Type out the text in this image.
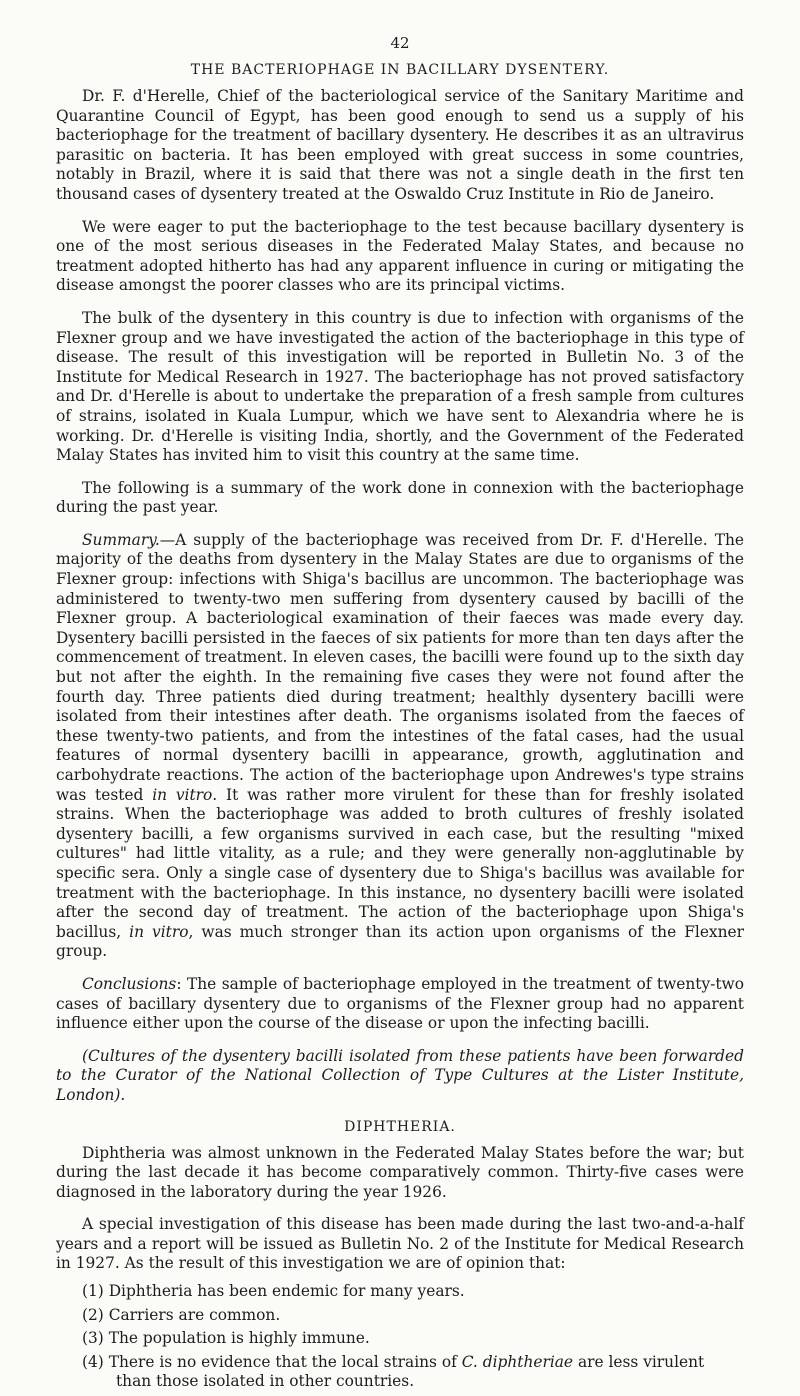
42
THE BACTERIOPHAGE IN BACILLARY DYSENTERY.

Dr. F. d'Herelle, Chief of the bacteriological service of the Sanitary Maritime and Quarantine Council of Egypt, has been good enough to send us a supply of his bacteriophage for the treatment of bacillary dysentery. He describes it as an ultravirus parasitic on bacteria. It has been employed with great success in some countries, notably in Brazil, where it is said that there was not a single death in the first ten thousand cases of dysentery treated at the Oswaldo Cruz Institute in Rio de Janeiro.

We were eager to put the bacteriophage to the test because bacillary dysentery is one of the most serious diseases in the Federated Malay States, and because no treatment adopted hitherto has had any apparent influence in curing or mitigating the disease amongst the poorer classes who are its principal victims.

The bulk of the dysentery in this country is due to infection with organisms of the Flexner group and we have investigated the action of the bacteriophage in this type of disease. The result of this investigation will be reported in Bulletin No. 3 of the Institute for Medical Research in 1927. The bacteriophage has not proved satisfactory and Dr. d'Herelle is about to undertake the preparation of a fresh sample from cultures of strains, isolated in Kuala Lumpur, which we have sent to Alexandria where he is working. Dr. d'Herelle is visiting India, shortly, and the Government of the Federated Malay States has invited him to visit this country at the same time.

The following is a summary of the work done in connexion with the bacteriophage during the past year.

Summary.—A supply of the bacteriophage was received from Dr. F. d'Herelle. The majority of the deaths from dysentery in the Malay States are due to organisms of the Flexner group: infections with Shiga's bacillus are uncommon. The bacteriophage was administered to twenty-two men suffering from dysentery caused by bacilli of the Flexner group. A bacteriological examination of their faeces was made every day. Dysentery bacilli persisted in the faeces of six patients for more than ten days after the commencement of treatment. In eleven cases, the bacilli were found up to the sixth day but not after the eighth. In the remaining five cases they were not found after the fourth day. Three patients died during treatment; healthly dysentery bacilli were isolated from their intestines after death. The organisms isolated from the faeces of these twenty-two patients, and from the intestines of the fatal cases, had the usual features of normal dysentery bacilli in appearance, growth, agglutination and carbohydrate reactions. The action of the bacteriophage upon Andrewes's type strains was tested in vitro. It was rather more virulent for these than for freshly isolated strains. When the bacteriophage was added to broth cultures of freshly isolated dysentery bacilli, a few organisms survived in each case, but the resulting "mixed cultures" had little vitality, as a rule; and they were generally non-agglutinable by specific sera. Only a single case of dysentery due to Shiga's bacillus was available for treatment with the bacteriophage. In this instance, no dysentery bacilli were isolated after the second day of treatment. The action of the bacteriophage upon Shiga's bacillus, in vitro, was much stronger than its action upon organisms of the Flexner group.

Conclusions: The sample of bacteriophage employed in the treatment of twenty-two cases of bacillary dysentery due to organisms of the Flexner group had no apparent influence either upon the course of the disease or upon the infecting bacilli.

(Cultures of the dysentery bacilli isolated from these patients have been forwarded to the Curator of the National Collection of Type Cultures at the Lister Institute, London).

DIPHTHERIA.

Diphtheria was almost unknown in the Federated Malay States before the war; but during the last decade it has become comparatively common. Thirty-five cases were diagnosed in the laboratory during the year 1926.

A special investigation of this disease has been made during the last two-and-a-half years and a report will be issued as Bulletin No. 2 of the Institute for Medical Research in 1927. As the result of this investigation we are of opinion that:

(1) Diphtheria has been endemic for many years.
(2) Carriers are common.
(3) The population is highly immune.
(4) There is no evidence that the local strains of C. diphtheriae are less virulent than those isolated in other countries.
